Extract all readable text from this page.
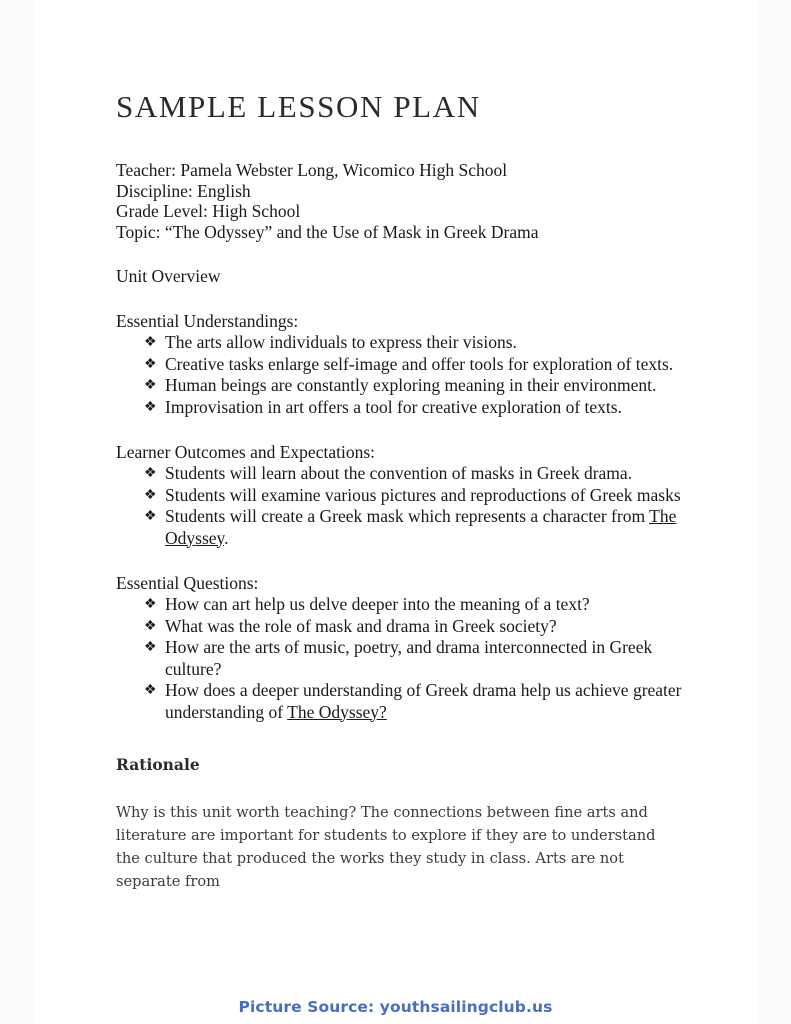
SAMPLE LESSON PLAN
Teacher: Pamela Webster Long, Wicomico High School
Discipline: English
Grade Level: High School
Topic: “The Odyssey” and the Use of Mask in Greek Drama
Unit Overview
Essential Understandings:
❖ The arts allow individuals to express their visions.
❖ Creative tasks enlarge self-image and offer tools for exploration of texts.
❖ Human beings are constantly exploring meaning in their environment.
❖ Improvisation in art offers a tool for creative exploration of texts.
Learner Outcomes and Expectations:
❖ Students will learn about the convention of masks in Greek drama.
❖ Students will examine various pictures and reproductions of Greek masks
❖ Students will create a Greek mask which represents a character from The Odyssey.
Essential Questions:
❖ How can art help us delve deeper into the meaning of a text?
❖ What was the role of mask and drama in Greek society?
❖ How are the arts of music, poetry, and drama interconnected in Greek culture?
❖ How does a deeper understanding of Greek drama help us achieve greater understanding of The Odyssey?
Rationale

Why is this unit worth teaching? The connections between fine arts and literature are important for students to explore if they are to understand the culture that produced the works they study in class. Arts are not separate from

Picture Source: youthsailingclub.us
